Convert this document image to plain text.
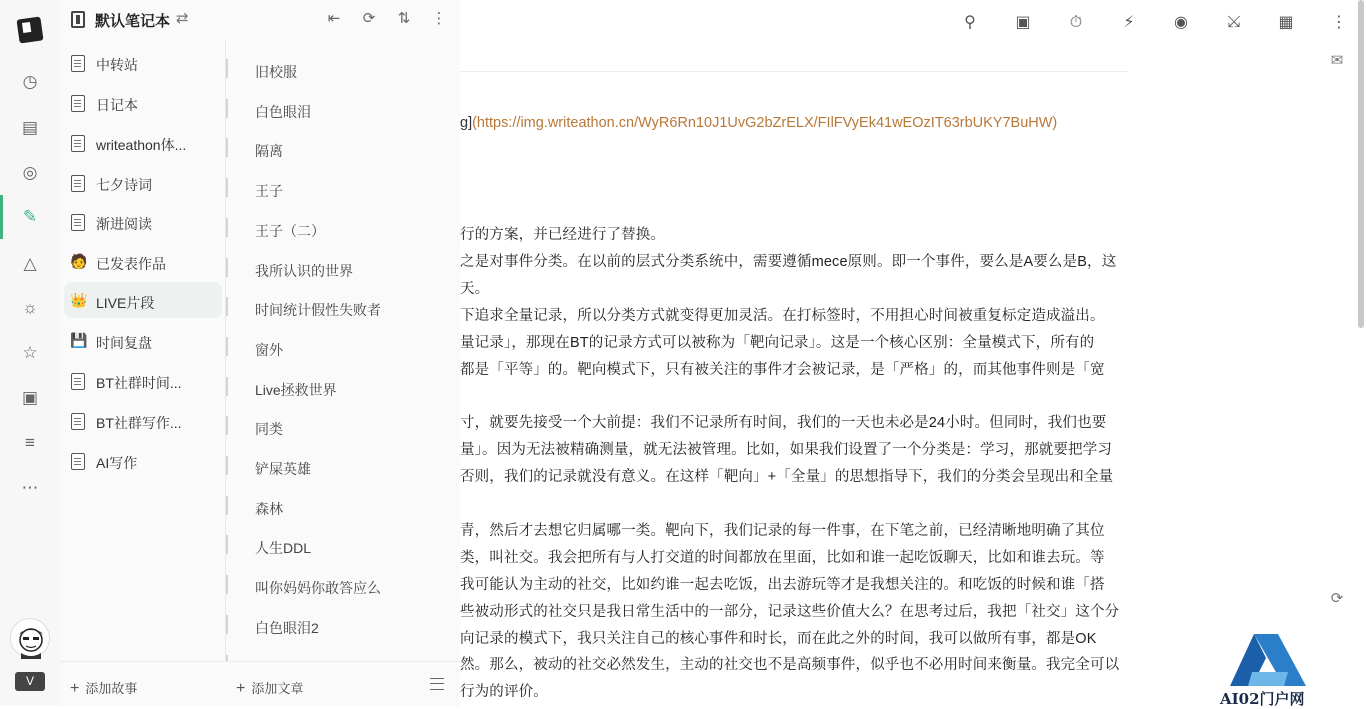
◷
▤
◎
✎
△
☼
☆
▣
≡
⋯
V
默认笔记本 ⇄	⇤ ⟳ ⇅ ⋮
中转站
日记本
writeathon体...
七夕诗词
渐进阅读
🧑 已发表作品
👑 LIVE片段
💾 时间复盘
BT社群时间...
BT社群写作...
AI写作
旧校服
白色眼泪
隔离
王子
王子（二）
我所认识的世界
时间统计假性失败者
窗外
Live拯救世界
同类
铲屎英雄
森林
人生DDL
叫你妈妈你敢答应么
白色眼泪2
+ 添加故事	+ 添加文章
⚲	▣ ⏱	⚡	◉ ⤩ ▦ ⋮
✉
⟳
g](https://img.writeathon.cn/WyR6Rn10J1UvG2bZrELX/FIlFVyEk41wEOzIT63rbUKY7BuHW)
行的方案，并已经进行了替换。
之是对事件分类。在以前的层式分类系统中，需要遵循mece原则。即一个事件，要么是A要么是B，这
天。
下追求全量记录，所以分类方式就变得更加灵活。在打标签时，不用担心时间被重复标定造成溢出。
量记录」，那现在BT的记录方式可以被称为「靶向记录」。这是一个核心区别：全量模式下，所有的
都是「平等」的。靶向模式下，只有被关注的事件才会被记录，是「严格」的，而其他事件则是「宽
寸，就要先接受一个大前提：我们不记录所有时间，我们的一天也未必是24小时。但同时，我们也要
量」。因为无法被精确测量，就无法被管理。比如，如果我们设置了一个分类是：学习，那就要把学习
否则，我们的记录就没有意义。在这样「靶向」+「全量」的思想指导下，我们的分类会呈现出和全量
青，然后才去想它归属哪一类。靶向下，我们记录的每一件事，在下笔之前，已经清晰地明确了其位
类，叫社交。我会把所有与人打交道的时间都放在里面，比如和谁一起吃饭聊天，比如和谁去玩。等
我可能认为主动的社交，比如约谁一起去吃饭，出去游玩等才是我想关注的。和吃饭的时候和谁「搭
些被动形式的社交只是我日常生活中的一部分，记录这些价值大么？在思考过后，我把「社交」这个分
向记录的模式下，我只关注自己的核心事件和时长，而在此之外的时间，我可以做所有事，都是OK
然。那么，被动的社交必然发生，主动的社交也不是高频事件，似乎也不必用时间来衡量。我完全可以
行为的评价。	AI02门户网
